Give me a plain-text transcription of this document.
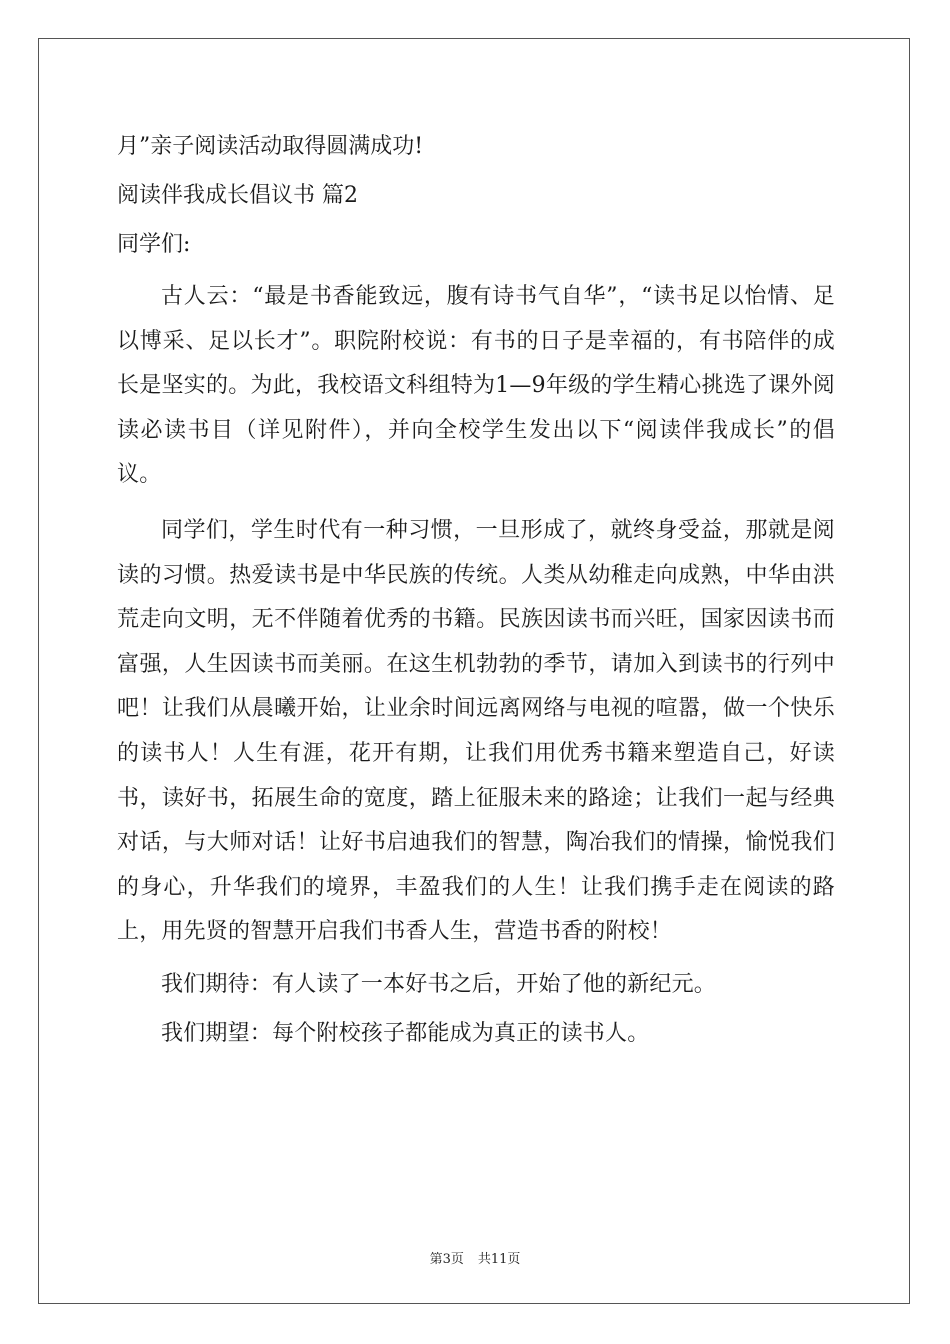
月”亲子阅读活动取得圆满成功!
阅读伴我成长倡议书 篇2
同学们:

古人云：“最是书香能致远，腹有诗书气自华”，“读书足以怡情、足以博采、足以长才”。职院附校说：有书的日子是幸福的，有书陪伴的成长是坚实的。为此，我校语文科组特为1—9年级的学生精心挑选了课外阅读必读书目（详见附件），并向全校学生发出以下“阅读伴我成长”的倡议。

同学们，学生时代有一种习惯，一旦形成了，就终身受益，那就是阅读的习惯。热爱读书是中华民族的传统。人类从幼稚走向成熟，中华由洪荒走向文明，无不伴随着优秀的书籍。民族因读书而兴旺，国家因读书而富强，人生因读书而美丽。在这生机勃勃的季节，请加入到读书的行列中吧！让我们从晨曦开始，让业余时间远离网络与电视的喧嚣，做一个快乐的读书人！人生有涯，花开有期，让我们用优秀书籍来塑造自己，好读书，读好书，拓展生命的宽度，踏上征服未来的路途；让我们一起与经典对话，与大师对话！让好书启迪我们的智慧，陶冶我们的情操，愉悦我们的身心，升华我们的境界，丰盈我们的人生！让我们携手走在阅读的路上，用先贤的智慧开启我们书香人生，营造书香的附校！

我们期待：有人读了一本好书之后，开始了他的新纪元。

我们期望：每个附校孩子都能成为真正的读书人。

第3页 共11页
